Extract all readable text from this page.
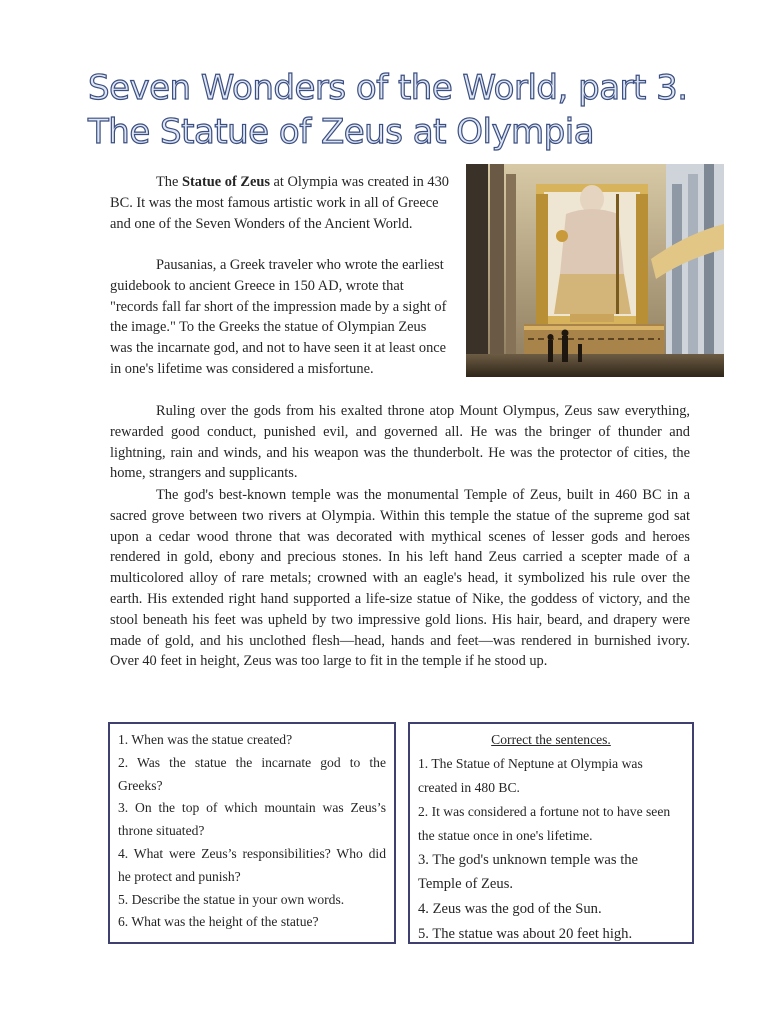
Seven Wonders of the World, part 3.
The Statue of Zeus at Olympia

The Statue of Zeus at Olympia was created in 430 BC. It was the most famous artistic work in all of Greece and one of the Seven Wonders of the Ancient World.

Pausanias, a Greek traveler who wrote the earliest guidebook to ancient Greece in 150 AD, wrote that "records fall far short of the impression made by a sight of the image." To the Greeks the statue of Olympian Zeus was the incarnate god, and not to have seen it at least once in one's lifetime was considered a misfortune.

Ruling over the gods from his exalted throne atop Mount Olympus, Zeus saw everything, rewarded good conduct, punished evil, and governed all. He was the bringer of thunder and lightning, rain and winds, and his weapon was the thunderbolt. He was the protector of cities, the home, strangers and supplicants.

The god's best-known temple was the monumental Temple of Zeus, built in 460 BC in a sacred grove between two rivers at Olympia. Within this temple the statue of the supreme god sat upon a cedar wood throne that was decorated with mythical scenes of lesser gods and heroes rendered in gold, ebony and precious stones. In his left hand Zeus carried a scepter made of a multicolored alloy of rare metals; crowned with an eagle's head, it symbolized his rule over the earth. His extended right hand supported a life-size statue of Nike, the goddess of victory, and the stool beneath his feet was upheld by two impressive gold lions. His hair, beard, and drapery were made of gold, and his unclothed flesh—head, hands and feet—was rendered in burnished ivory. Over 40 feet in height, Zeus was too large to fit in the temple if he stood up.

1. When was the statue created?
2. Was the statue the incarnate god to the Greeks?
3. On the top of which mountain was Zeus’s throne situated?
4. What were Zeus’s responsibilities? Who did he protect and punish?
5. Describe the statue in your own words.
6. What was the height of the statue?
Correct the sentences.
1. The Statue of Neptune at Olympia was created in 480 BC.
2. It was considered a fortune not to have seen the statue once in one's lifetime.
3. The god's unknown temple was the Temple of Zeus.
4. Zeus was the god of the Sun.
5. The statue was about 20 feet high.
